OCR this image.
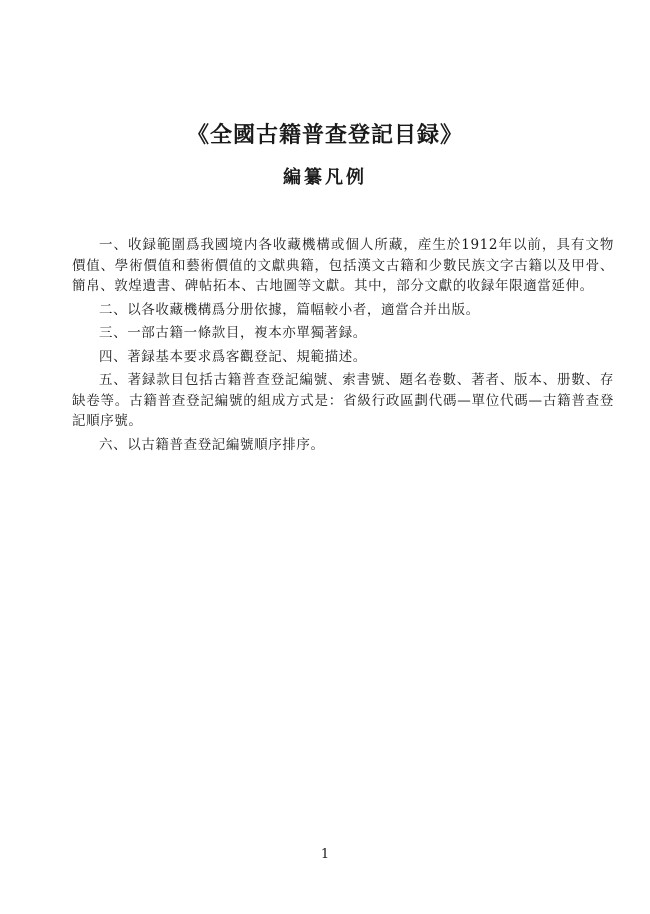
《全國古籍普查登記目録》
編纂凡例

一、收録範圍爲我國境内各收藏機構或個人所藏，産生於1912年以前，具有文物價值、學術價值和藝術價值的文獻典籍，包括漢文古籍和少數民族文字古籍以及甲骨、簡帛、敦煌遺書、碑帖拓本、古地圖等文獻。其中，部分文獻的收録年限適當延伸。

二、以各收藏機構爲分册依據，篇幅較小者，適當合并出版。

三、一部古籍一條款目，複本亦單獨著録。

四、著録基本要求爲客觀登記、規範描述。

五、著録款目包括古籍普查登記編號、索書號、題名卷數、著者、版本、册數、存缺卷等。古籍普查登記編號的組成方式是：省級行政區劃代碼—單位代碼—古籍普查登記順序號。

六、以古籍普查登記編號順序排序。

1
